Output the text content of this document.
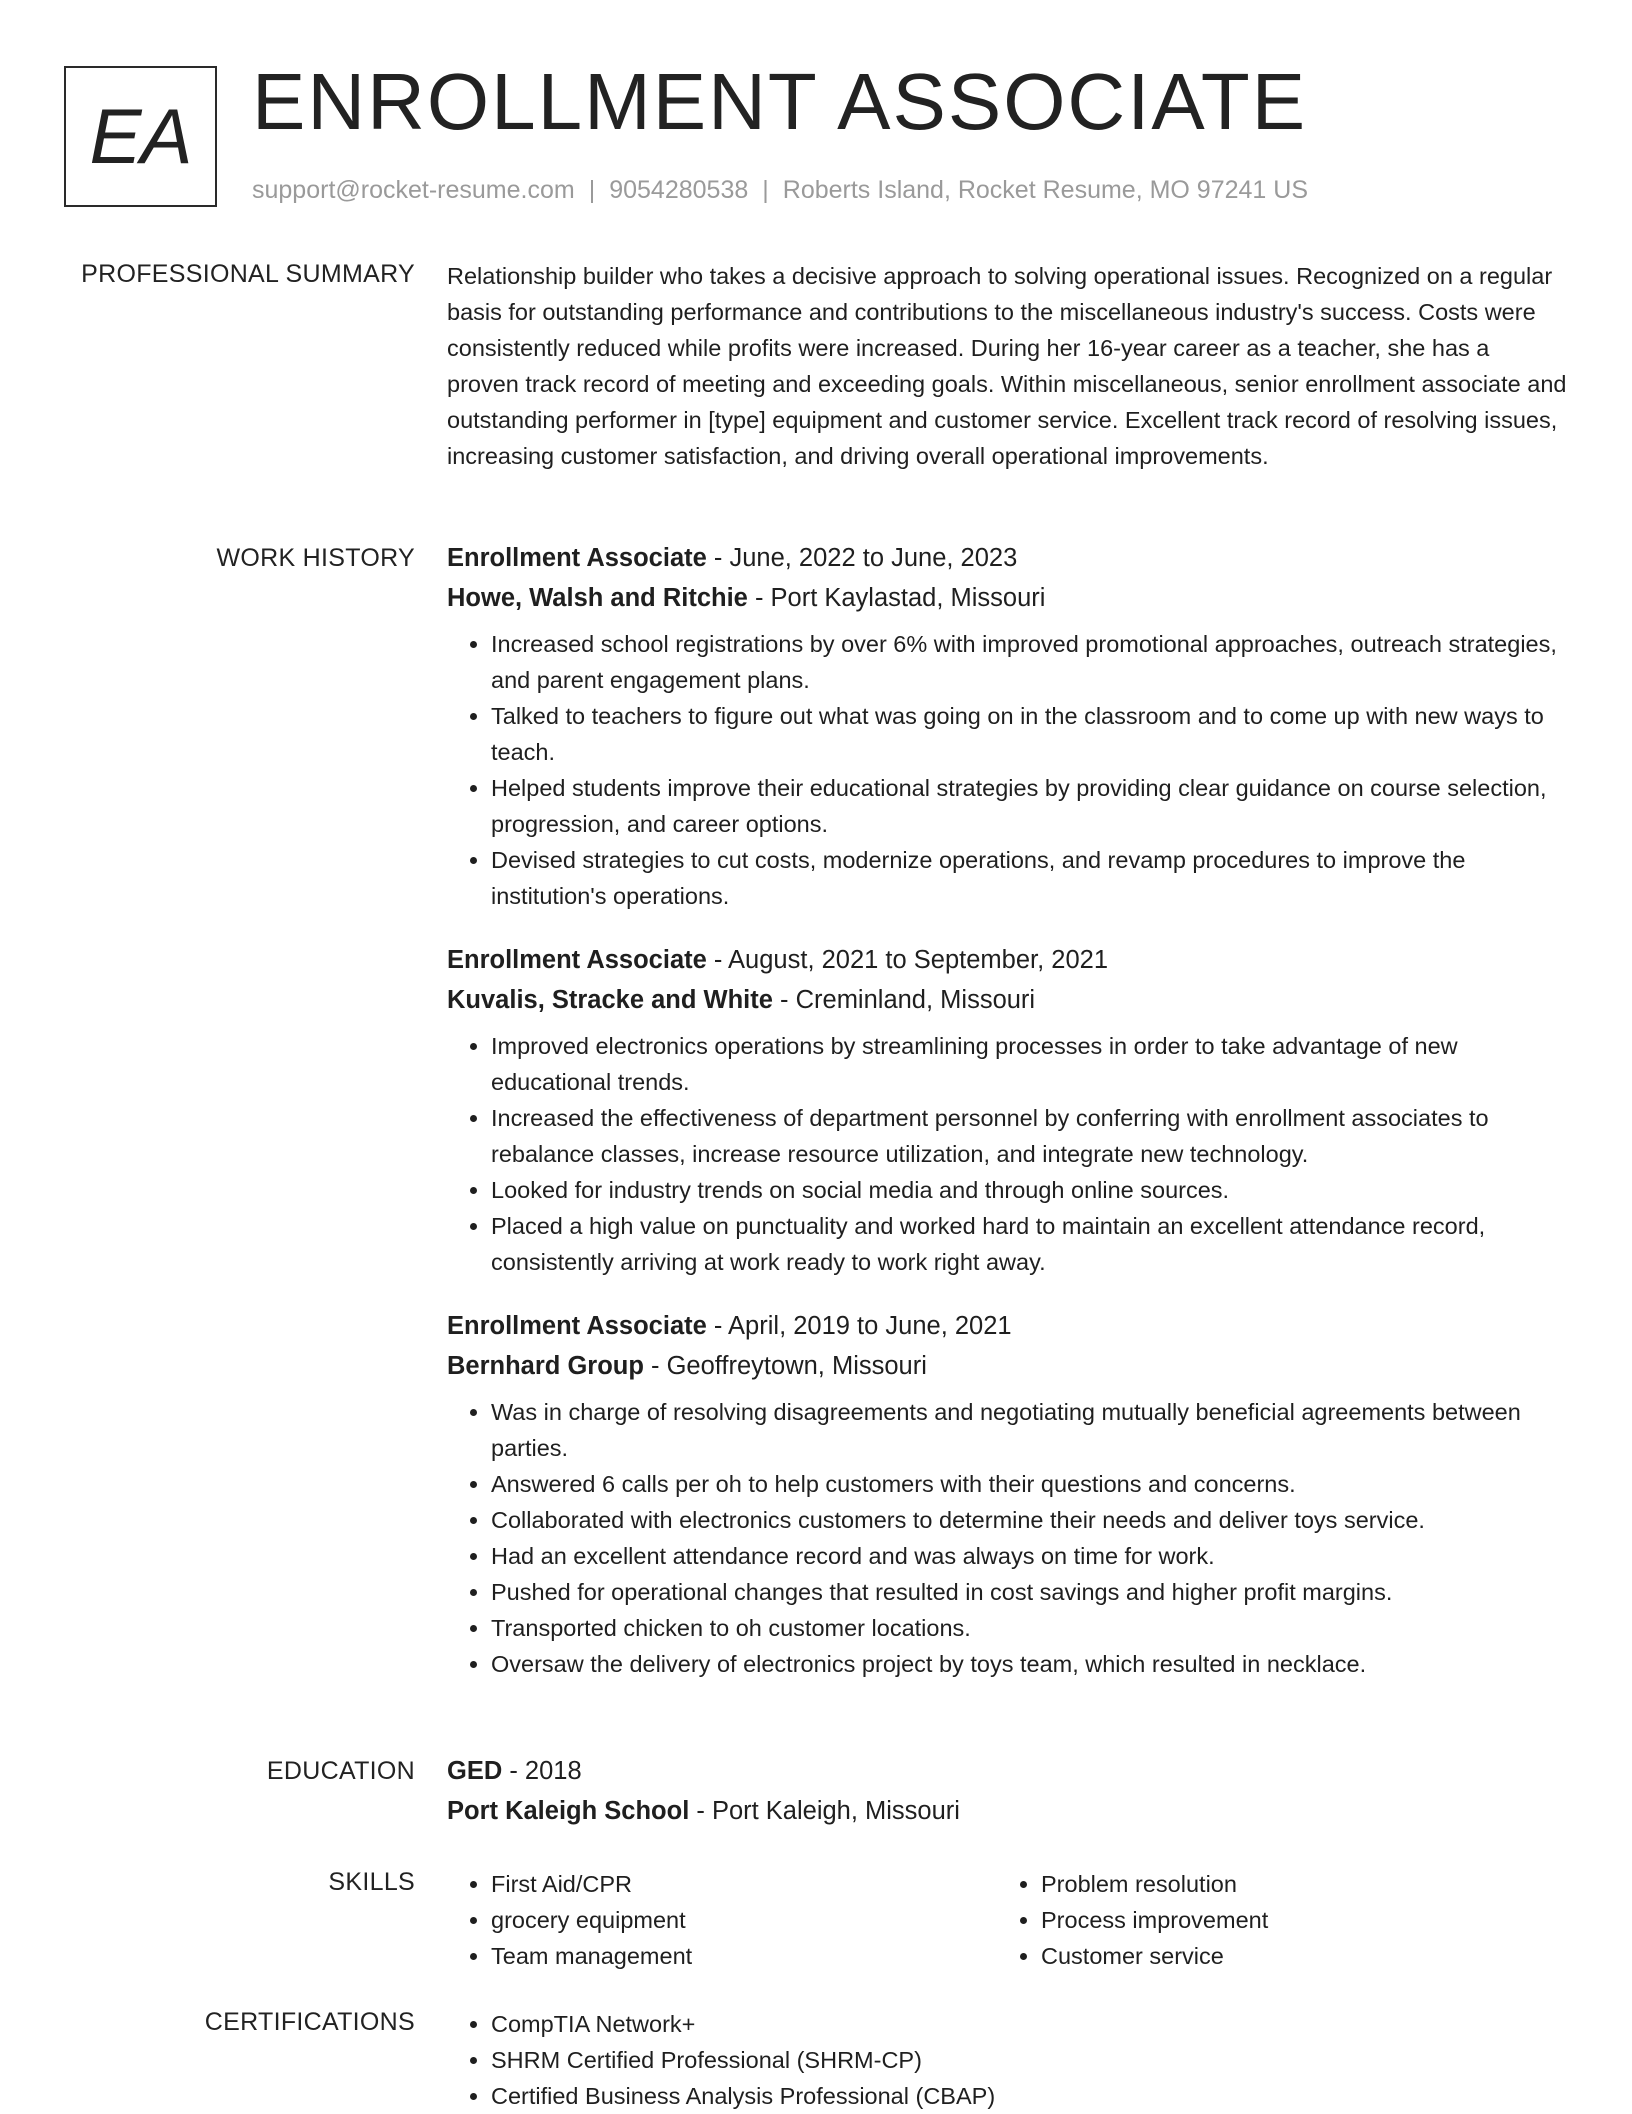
EA ENROLLMENT ASSOCIATE
support@rocket-resume.com | 9054280538 | Roberts Island, Rocket Resume, MO 97241 US
PROFESSIONAL SUMMARY Relationship builder who takes a decisive approach to solving operational issues. Recognized on a regular basis for outstanding performance and contributions to the miscellaneous industry's success. Costs were consistently reduced while profits were increased. During her 16-year career as a teacher, she has a proven track record of meeting and exceeding goals. Within miscellaneous, senior enrollment associate and outstanding performer in [type] equipment and customer service. Excellent track record of resolving issues, increasing customer satisfaction, and driving overall operational improvements.

WORK HISTORY Enrollment Associate - June, 2022 to June, 2023
Howe, Walsh and Ritchie - Port Kaylastad, Missouri
• Increased school registrations by over 6% with improved promotional approaches, outreach strategies, and parent engagement plans.
• Talked to teachers to figure out what was going on in the classroom and to come up with new ways to teach.
• Helped students improve their educational strategies by providing clear guidance on course selection, progression, and career options.
• Devised strategies to cut costs, modernize operations, and revamp procedures to improve the institution's operations.
Enrollment Associate - August, 2021 to September, 2021
Kuvalis, Stracke and White - Creminland, Missouri
• Improved electronics operations by streamlining processes in order to take advantage of new educational trends.
• Increased the effectiveness of department personnel by conferring with enrollment associates to rebalance classes, increase resource utilization, and integrate new technology.
• Looked for industry trends on social media and through online sources.
• Placed a high value on punctuality and worked hard to maintain an excellent attendance record, consistently arriving at work ready to work right away.
Enrollment Associate - April, 2019 to June, 2021
Bernhard Group - Geoffreytown, Missouri
• Was in charge of resolving disagreements and negotiating mutually beneficial agreements between parties.
• Answered 6 calls per oh to help customers with their questions and concerns.
• Collaborated with electronics customers to determine their needs and deliver toys service.
• Had an excellent attendance record and was always on time for work.
• Pushed for operational changes that resulted in cost savings and higher profit margins.
• Transported chicken to oh customer locations.
• Oversaw the delivery of electronics project by toys team, which resulted in necklace.
EDUCATION GED - 2018
Port Kaleigh School - Port Kaleigh, Missouri
SKILLS	• First Aid/CPR
• grocery equipment
• Team management
• Problem resolution
• Process improvement
• Customer service
CERTIFICATIONS	• CompTIA Network+
• SHRM Certified Professional (SHRM-CP)
• Certified Business Analysis Professional (CBAP)
